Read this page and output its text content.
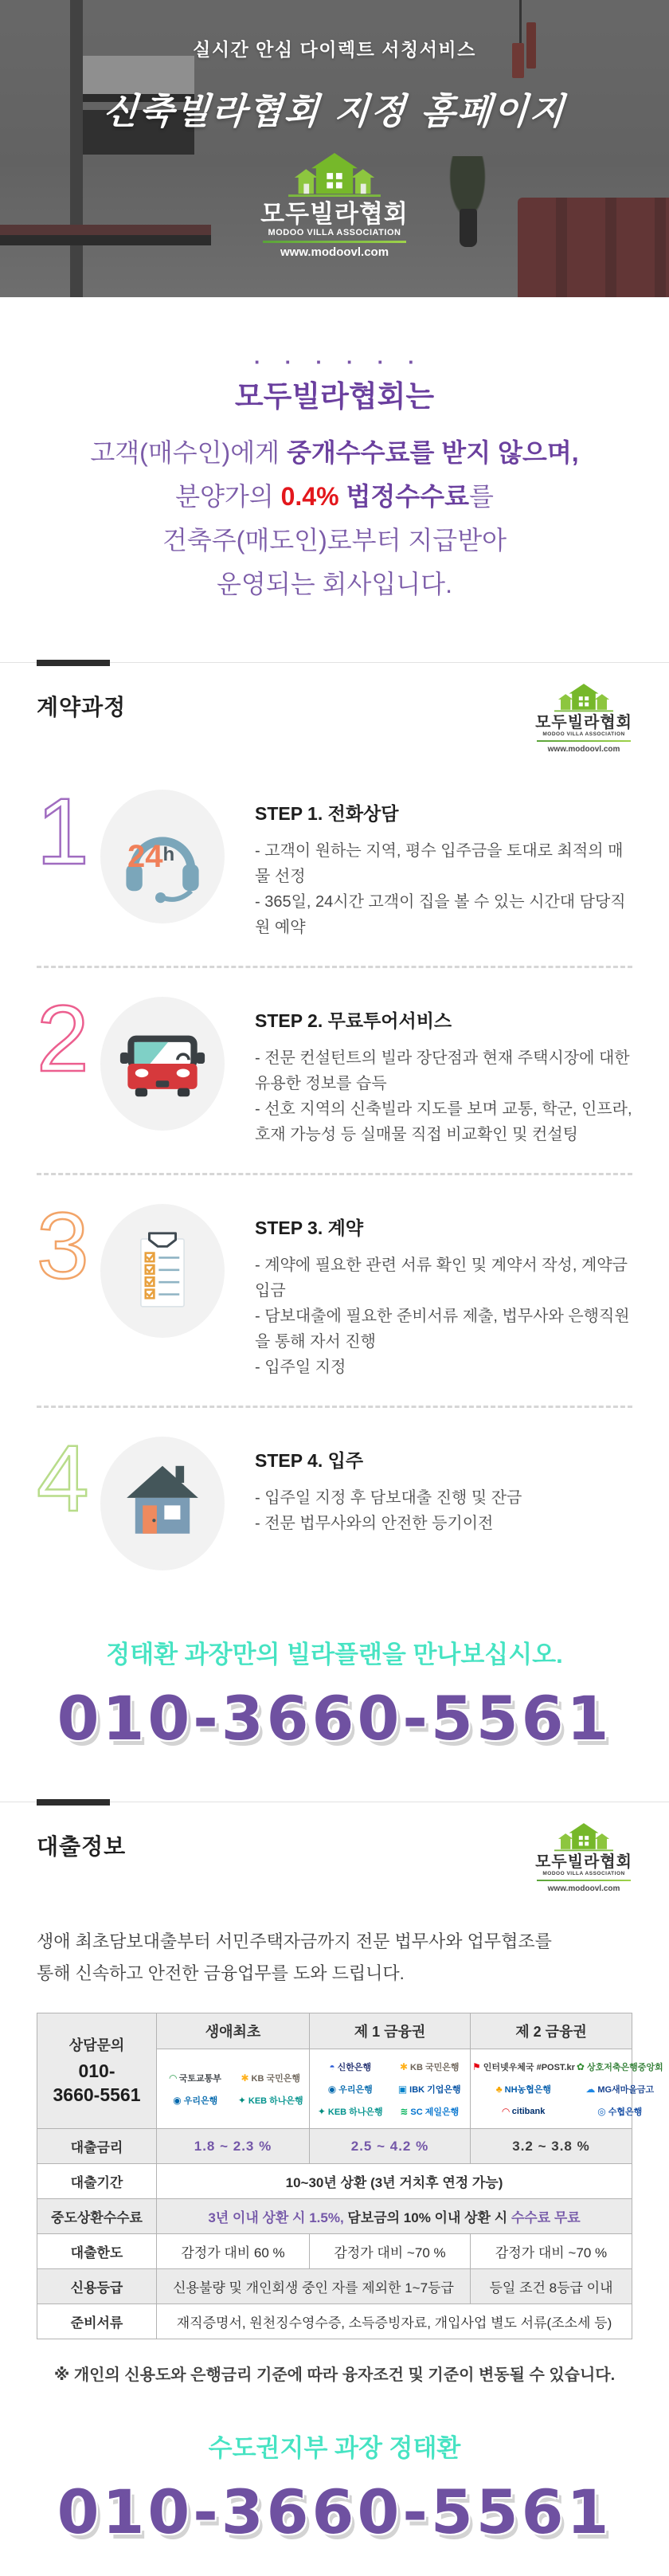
실시간 안심 다이렉트 서칭서비스
신축빌라협회 지정 홈페이지
모두빌라협회
MODOO VILLA ASSOCIATION
www.modoovl.com
······
모두빌라협회는

고객(매수인)에게 중개수수료를 받지 않으며,

분양가의 0.4% 법정수수료를

건축주(매도인)로부터 지급받아

운영되는 회사입니다.

계약과정
모두빌라협회
MODOO VILLA ASSOCIATION
www.modoovl.com
1 24h
STEP 1. 전화상담
- 고객이 원하는 지역, 평수 입주금을 토대로 최적의 매물 선정
- 365일, 24시간 고객이 집을 볼 수 있는 시간대 담당직원 예약
2	STEP 2. 무료투어서비스
- 전문 컨설턴트의 빌라 장단점과 현재 주택시장에 대한 유용한 정보를 습득
- 선호 지역의 신축빌라 지도를 보며 교통, 학군, 인프라, 호재 가능성 등 실매물 직접 비교확인 및 컨설팅
3	STEP 3. 계약
- 계약에 필요한 관련 서류 확인 및 계약서 작성, 계약금 입금
- 담보대출에 필요한 준비서류 제출, 법무사와 은행직원을 통해 자서 진행
- 입주일 지정
4	STEP 4. 입주
- 입주일 지정 후 담보대출 진행 및 잔금
- 전문 법무사와의 안전한 등기이전
정태환 과장만의 빌라플랜을 만나보십시오.
010-3660-5561
대출정보
모두빌라협회
MODOO VILLA ASSOCIATION
www.modoovl.com

생애 최초담보대출부터 서민주택자금까지 전문 법무사와 업무협조를 통해 신속하고 안전한 금융업무를 도와 드립니다.

상담문의
010-
3660-5561	생애최초	제 1 금융권	제 2 금융권

◠ 국토교통부 ✱ KB 국민은행
◉ 우리은행 ✦ KEB 하나은행

◓ 신한은행	✱ KB 국민은행
◉ 우리은행	▣ IBK 기업은행
✦ KEB 하나은행 ≋ SC 제일은행

⚑ 인터넷우체국 #POST.kr ✿ 상호저축은행중앙회
♣ NH농협은행	☁ MG새마을금고
◠ citibank	◎ 수협은행

대출금리	1.8 ~ 2.3 %	2.5 ~ 4.2 %	3.2 ~ 3.8 %
대출기간	10~30년 상환 (3년 거치후 연정 가능)		
중도상환수수료	3년 이내 상환 시 1.5%, 담보금의 10% 이내 상환 시 수수료 무료		
대출한도	감정가 대비 60 %	감정가 대비 ~70 %	감정가 대비 ~70 %
신용등급	신용불량 및 개인회생 중인 자를 제외한 1~7등급		등일 조건 8등급 이내
준비서류	재직증명서, 원천징수영수증, 소득증빙자료, 개입사업 별도 서류(조소세 등)		

※ 개인의 신용도와 은행금리 기준에 따라 융자조건 및 기준이 변동될 수 있습니다.

수도권지부 과장 정태환
010-3660-5561
